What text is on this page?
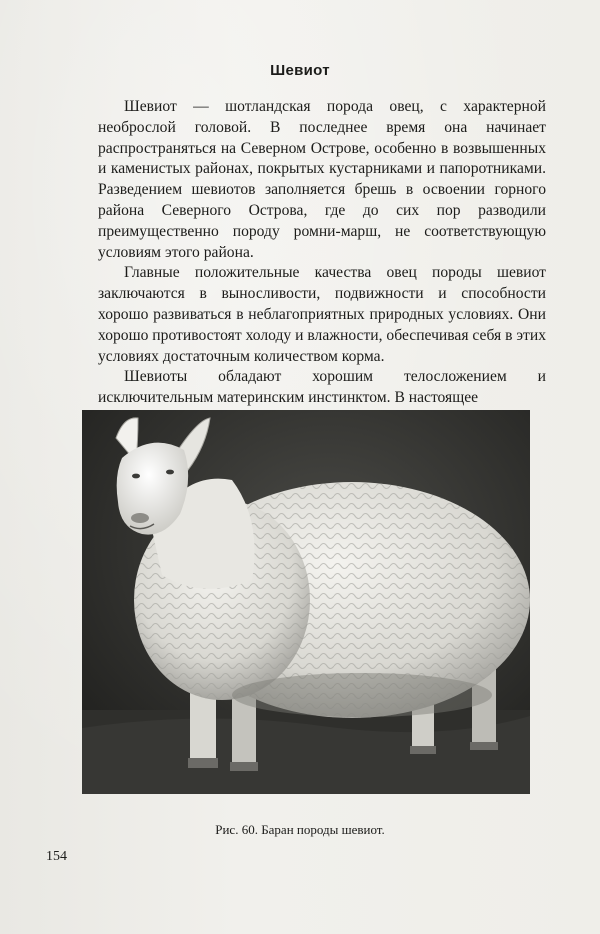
Шевиот

Шевиот — шотландская порода овец, с характерной необрослой головой. В последнее время она начинает распространяться на Северном Острове, особенно в возвышенных и каменистых районах, покрытых кустарниками и папоротниками. Разведением шевиотов заполняется брешь в освоении горного района Северного Острова, где до сих пор разводили преимущественно породу ромни-марш, не соответствующую условиям этого района.

Главные положительные качества овец породы шевиот заключаются в выносливости, подвижности и способности хорошо развиваться в неблагоприятных природных условиях. Они хорошо противостоят холоду и влажности, обеспечивая себя в этих условиях достаточным количеством корма.

Шевиоты обладают хорошим телосложением и исключительным материнским инстинктом. В настоящее

Рис. 60. Баран породы шевиот.
154
